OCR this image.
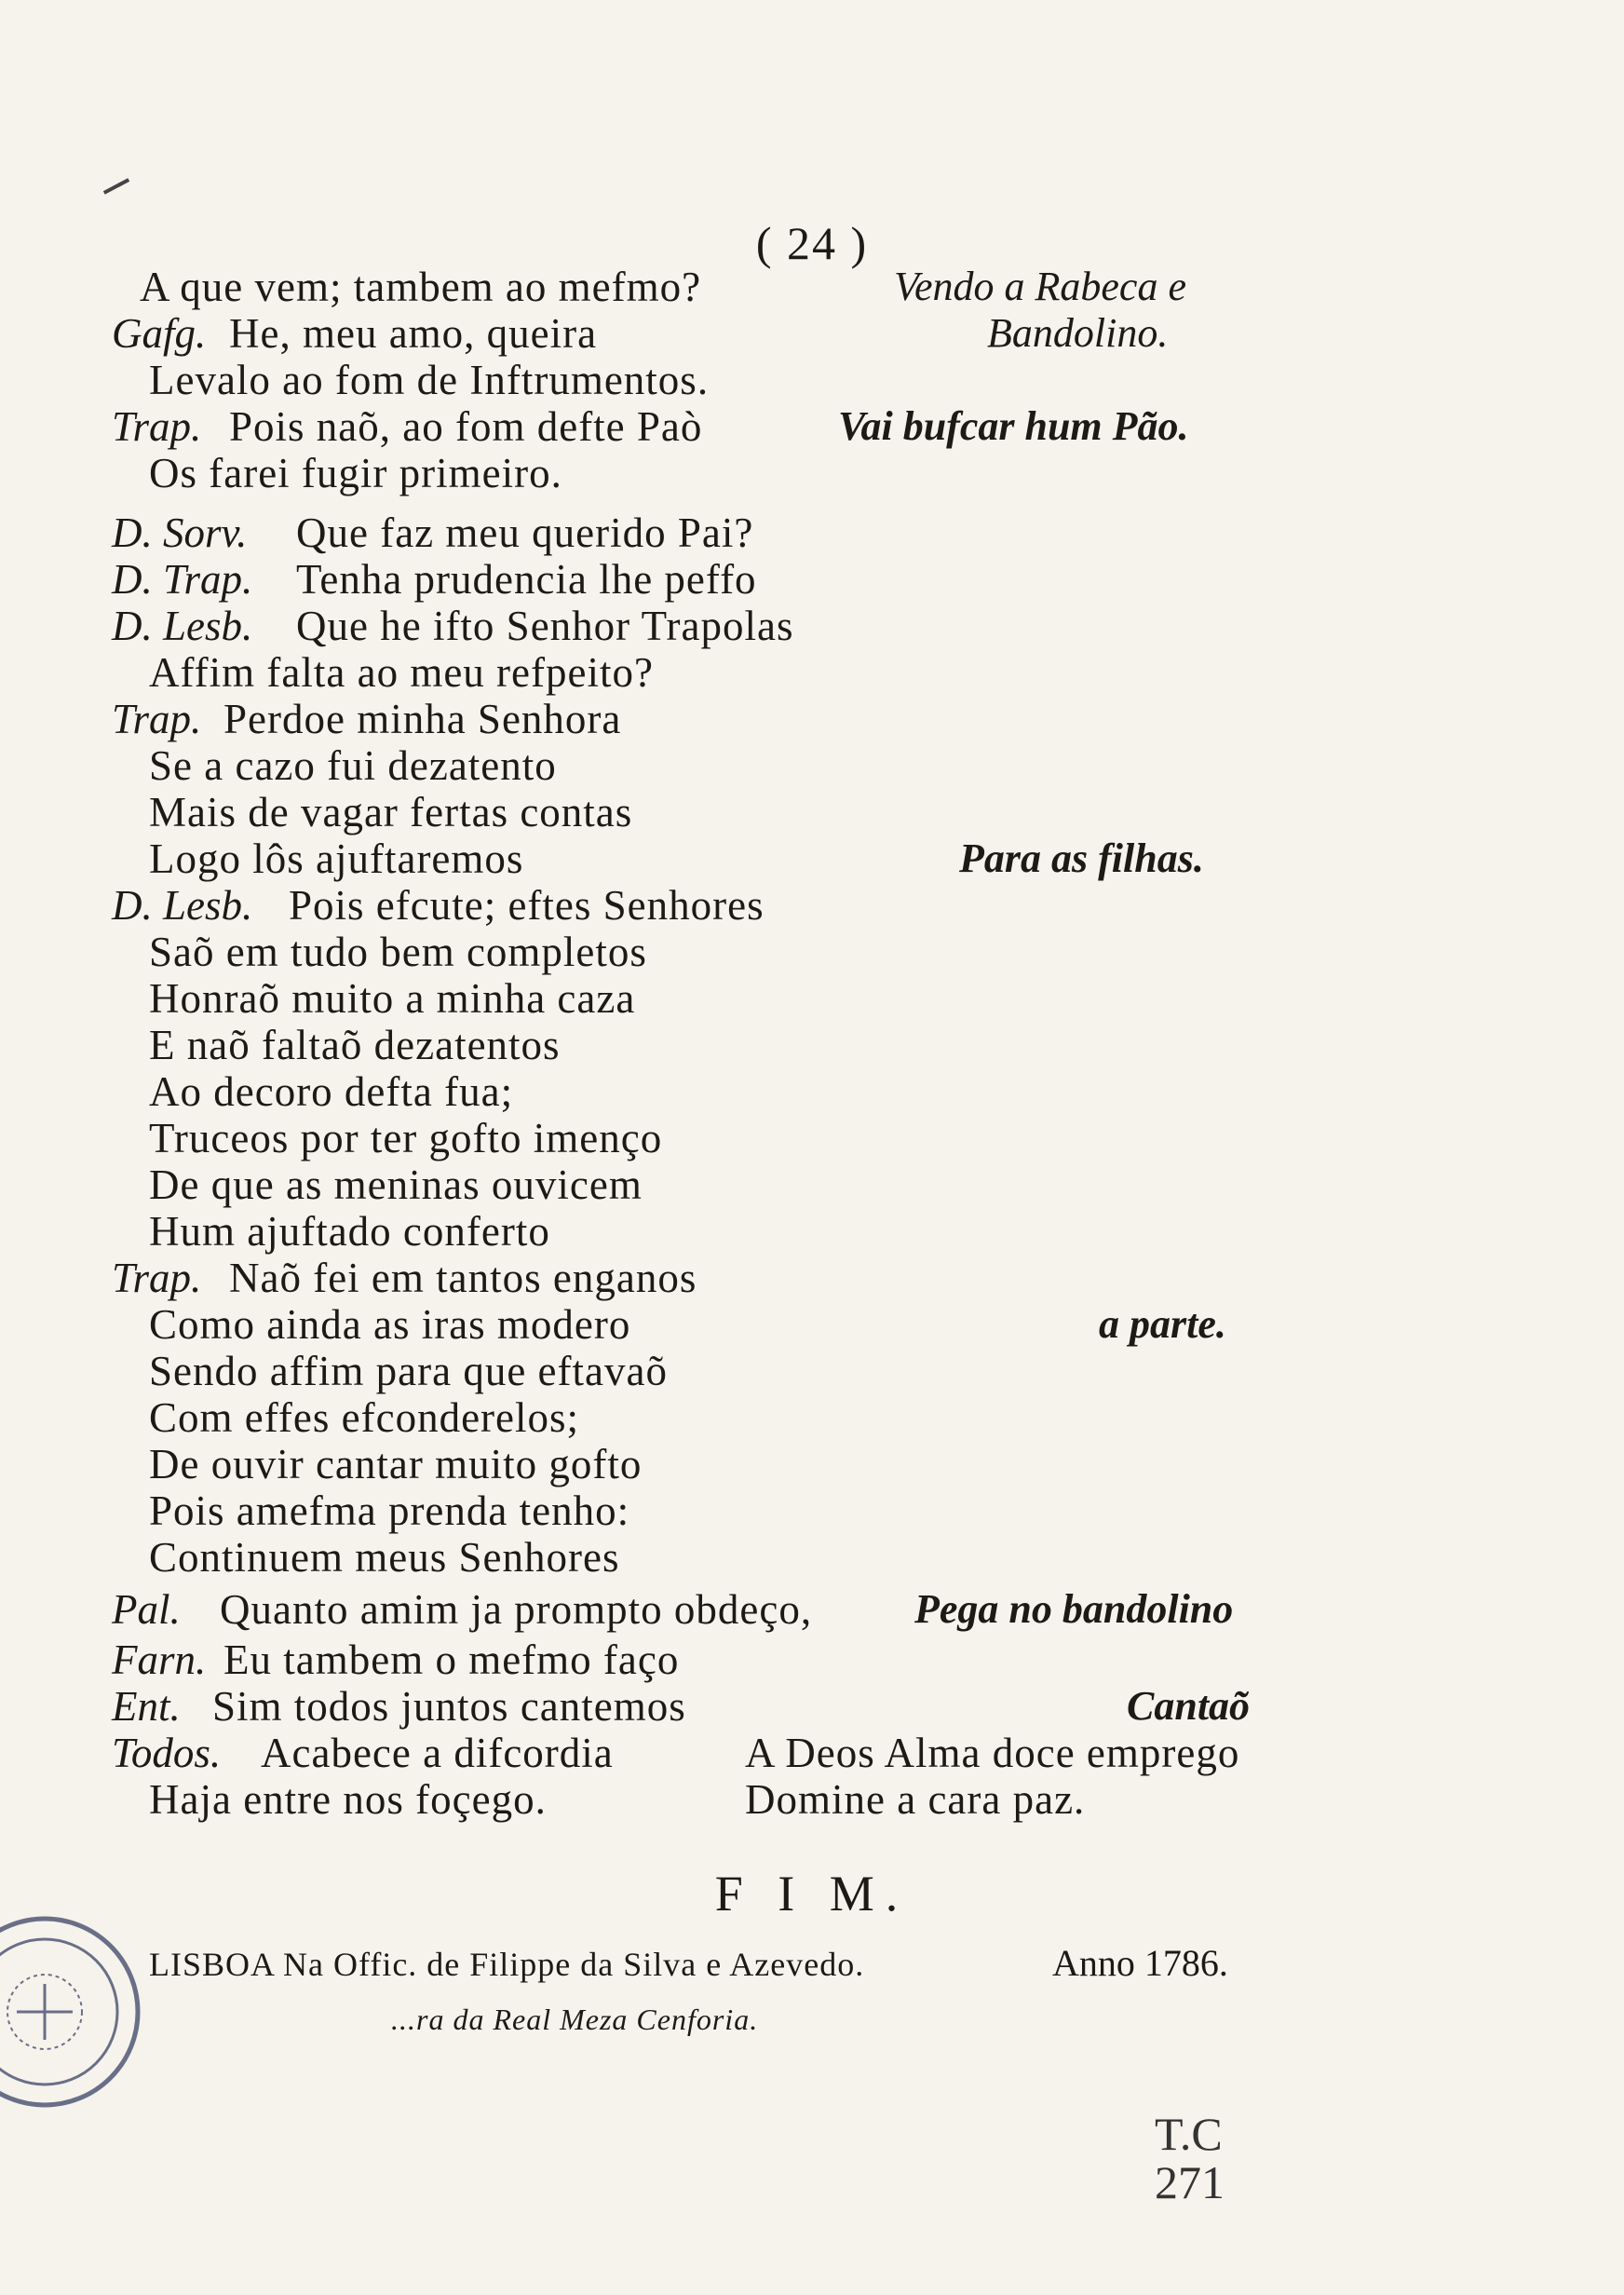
( 24 )
A que vem; tambem ao mefmo?
Gafg. He, meu amo, queira
Levalo ao fom de Inftrumentos.
Trap. Pois naõ, ao fom defte Paò
Os farei fugir primeiro.
D. Sorv. Que faz meu querido Pai?
D. Trap. Tenha prudencia lhe peffo
D. Lesb. Que he ifto Senhor Trapolas
Affim falta ao meu refpeito?
Trap. Perdoe minha Senhora
Se a cazo fui dezatento
Mais de vagar fertas contas
Logo lôs ajuftaremos
D. Lesb. Pois efcute; eftes Senhores
Saõ em tudo bem completos
Honraõ muito a minha caza
E naõ faltaõ dezatentos
Ao decoro defta fua;
Truceos por ter gofto imenço
De que as meninas ouvicem
Hum ajuftado conferto
Trap. Naõ fei em tantos enganos
Como ainda as iras modero
Sendo affim para que eftavaõ
Com effes efconderelos;
De ouvir cantar muito gofto
Pois amefma prenda tenho:
Continuem meus Senhores
Pal. Quanto amim ja prompto obdeço,
Farn. Eu tambem o mefmo faço
Ent. Sim todos juntos cantemos
Todos. Acabece a difcordia
Haja entre nos foçego.
Vendo a Rabeca e
Bandolino.
Vai bufcar hum Pão.
Para as filhas.
a parte.
Pega no bandolino
Cantaõ
A Deos Alma doce emprego
Domine a cara paz.
F I M.
LISBOA Na Offic. de Filippe da Silva e Azevedo.	Anno 1786.
...ra da Real Meza Cenforia.
T.C
271
